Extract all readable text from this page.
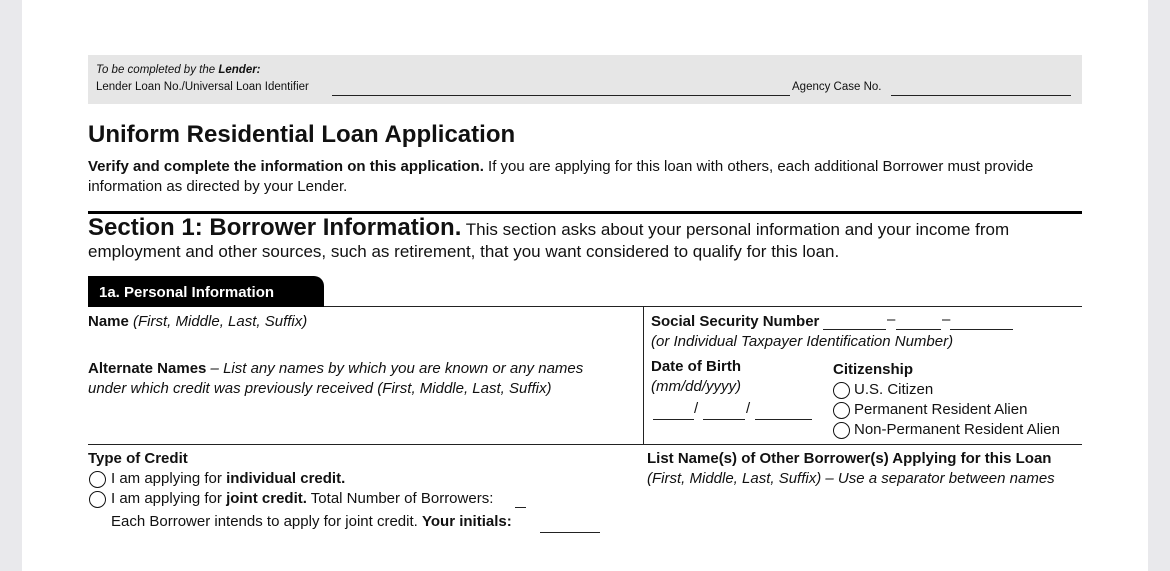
To be completed by the Lender:
Lender Loan No./Universal Loan Identifier	Agency Case No.
Uniform Residential Loan Application
Verify and complete the information on this application. If you are applying for this loan with others, each additional Borrower must provide
information as directed by your Lender.
Section 1: Borrower Information. This section asks about your personal information and your income from
employment and other sources, such as retirement, that you want considered to qualify for this loan.
1a. Personal Information
Name (First, Middle, Last, Suffix)
Alternate Names – List any names by which you are known or any names
under which credit was previously received (First, Middle, Last, Suffix)
Social Security Number	–	–
(or Individual Taxpayer Identification Number)
Date of Birth
(mm/dd/yyyy)
/	/
Citizenship
U.S. Citizen
Permanent Resident Alien
Non-Permanent Resident Alien
Type of Credit
I am applying for individual credit.
I am applying for joint credit. Total Number of Borrowers:
Each Borrower intends to apply for joint credit. Your initials:
List Name(s) of Other Borrower(s) Applying for this Loan
(First, Middle, Last, Suffix) – Use a separator between names
